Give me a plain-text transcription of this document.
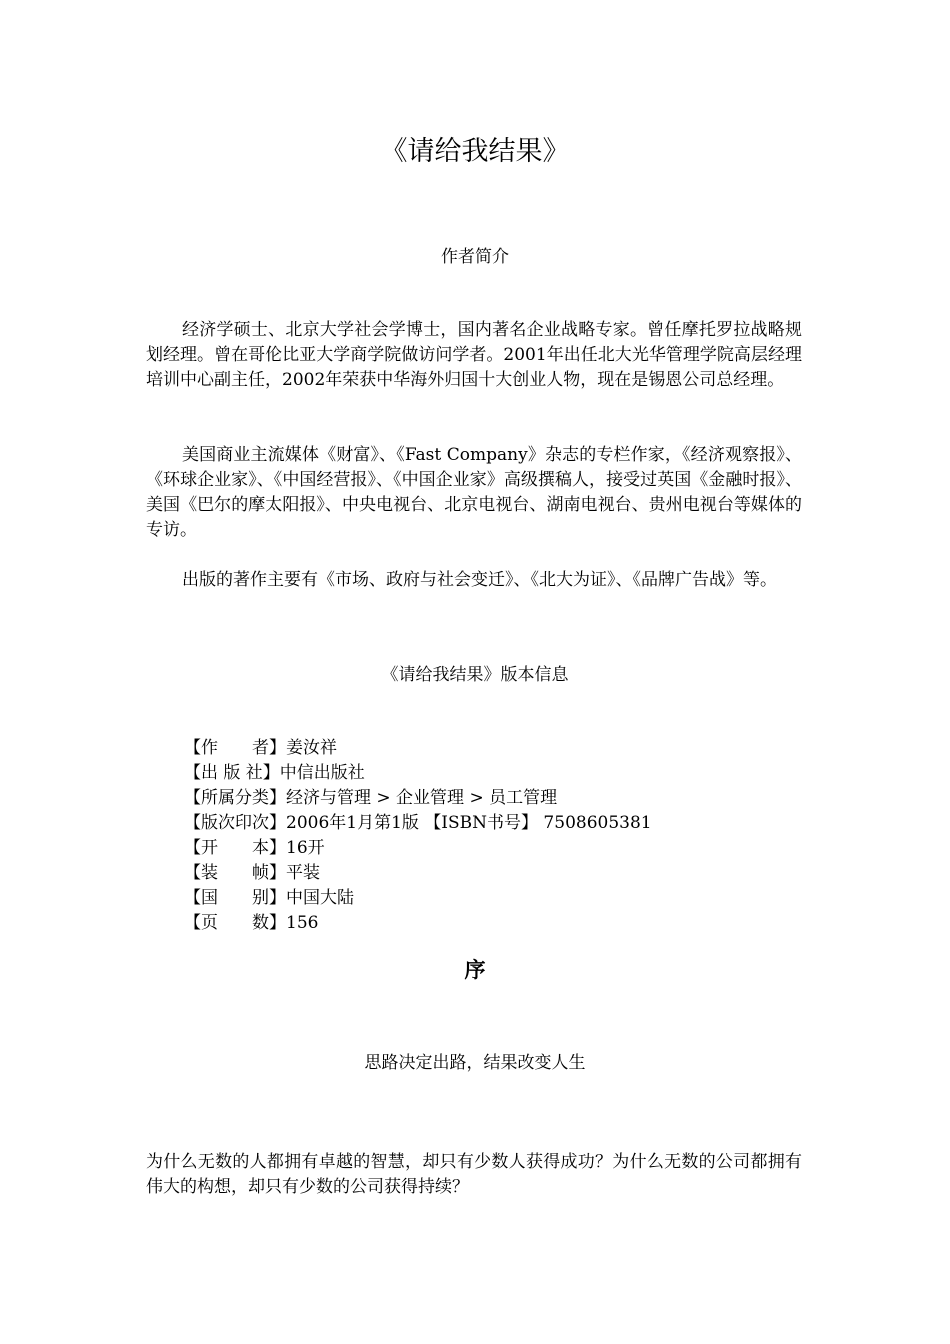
《请给我结果》
作者简介

经济学硕士、北京大学社会学博士，国内著名企业战略专家。曾任摩托罗拉战略规划经理。曾在哥伦比亚大学商学院做访问学者。2001年出任北大光华管理学院高层经理培训中心副主任，2002年荣获中华海外归国十大创业人物，现在是锡恩公司总经理。

美国商业主流媒体《财富》、《Fast Company》杂志的专栏作家，《经济观察报》、《环球企业家》、《中国经营报》、《中国企业家》高级撰稿人，接受过英国《金融时报》、美国《巴尔的摩太阳报》、中央电视台、北京电视台、湖南电视台、贵州电视台等媒体的专访。

出版的著作主要有《市场、政府与社会变迁》、《北大为证》、《品牌广告战》等。

《请给我结果》版本信息
【作　　者】姜汝祥
【出 版 社】中信出版社
【所属分类】经济与管理 > 企业管理 > 员工管理
【版次印次】2006年1月第1版 【ISBN书号】 7508605381
【开　　本】16开
【装　　帧】平装
【国　　别】中国大陆
【页　　数】156
序
思路决定出路，结果改变人生

为什么无数的人都拥有卓越的智慧，却只有少数人获得成功？为什么无数的公司都拥有伟大的构想，却只有少数的公司获得持续？
